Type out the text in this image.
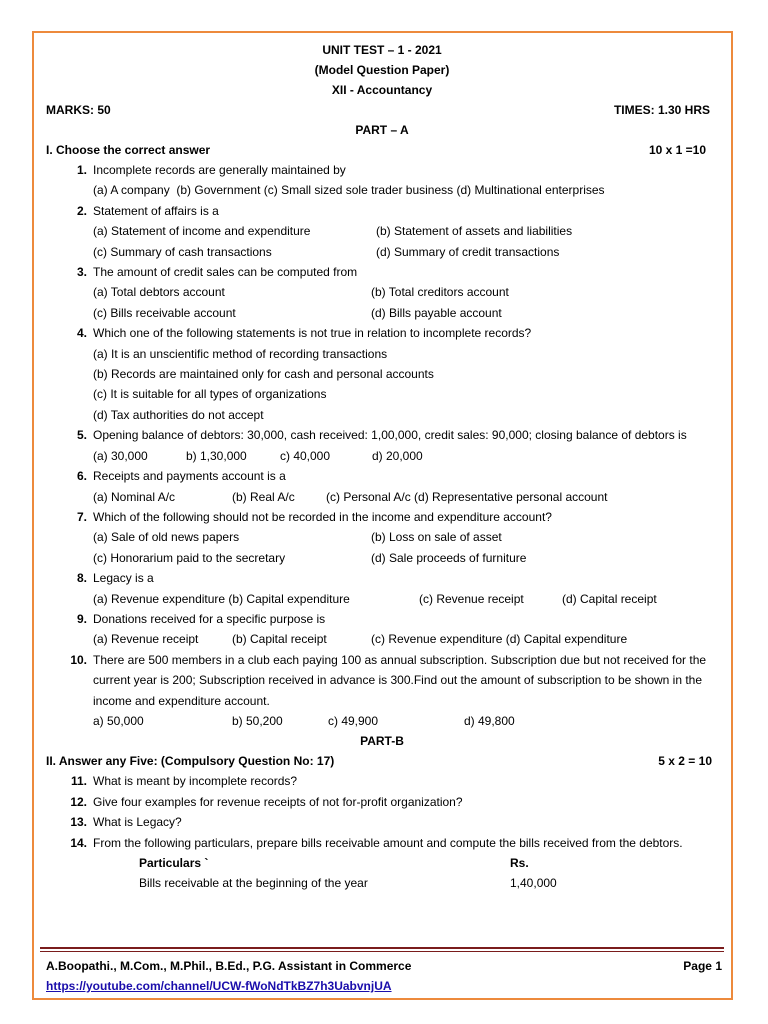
UNIT TEST – 1 - 2021
(Model Question Paper)
XII - Accountancy
MARKS: 50	TIMES: 1.30 HRS
PART – A
I. Choose the correct answer	10 x 1 =10
1. Incomplete records are generally maintained by
(a) A company  (b) Government (c) Small sized sole trader business (d) Multinational enterprises
2. Statement of affairs is a
(a) Statement of income and expenditure	(b) Statement of assets and liabilities
(c) Summary of cash transactions	(d) Summary of credit transactions
3. The amount of credit sales can be computed from
(a) Total debtors account	(b) Total creditors account
(c) Bills receivable account	(d) Bills payable account
4. Which one of the following statements is not true in relation to incomplete records?
(a) It is an unscientific method of recording transactions
(b) Records are maintained only for cash and personal accounts
(c) It is suitable for all types of organizations
(d) Tax authorities do not accept
5. Opening balance of debtors: 30,000, cash received: 1,00,000, credit sales: 90,000; closing balance of debtors is
(a) 30,000	b) 1,30,000	c) 40,000	d) 20,000
6. Receipts and payments account is a
(a) Nominal A/c	(b) Real A/c	(c) Personal A/c (d) Representative personal account
7. Which of the following should not be recorded in the income and expenditure account?
(a) Sale of old news papers	(b) Loss on sale of asset
(c) Honorarium paid to the secretary	(d) Sale proceeds of furniture
8. Legacy is a
(a) Revenue expenditure (b) Capital expenditure	(c) Revenue receipt	(d) Capital receipt
9. Donations received for a specific purpose is
(a) Revenue receipt	(b) Capital receipt	(c) Revenue expenditure (d) Capital expenditure
10. There are 500 members in a club each paying 100 as annual subscription. Subscription due but not received for the current year is 200; Subscription received in advance is 300.Find out the amount of subscription to be shown in the income and expenditure account.
a) 50,000	b) 50,200	c) 49,900	d) 49,800
PART-B
II. Answer any Five: (Compulsory Question No: 17)	5 x 2 = 10
11. What is meant by incomplete records?
12. Give four examples for revenue receipts of not for-profit organization?
13. What is Legacy?
14. From the following particulars, prepare bills receivable amount and compute the bills received from the debtors.
Particulars `	Rs.
Bills receivable at the beginning of the year	1,40,000
A.Boopathi., M.Com., M.Phil., B.Ed., P.G. Assistant in Commerce	Page 1
https://youtube.com/channel/UCW-fWoNdTkBZ7h3UabvnjUA
